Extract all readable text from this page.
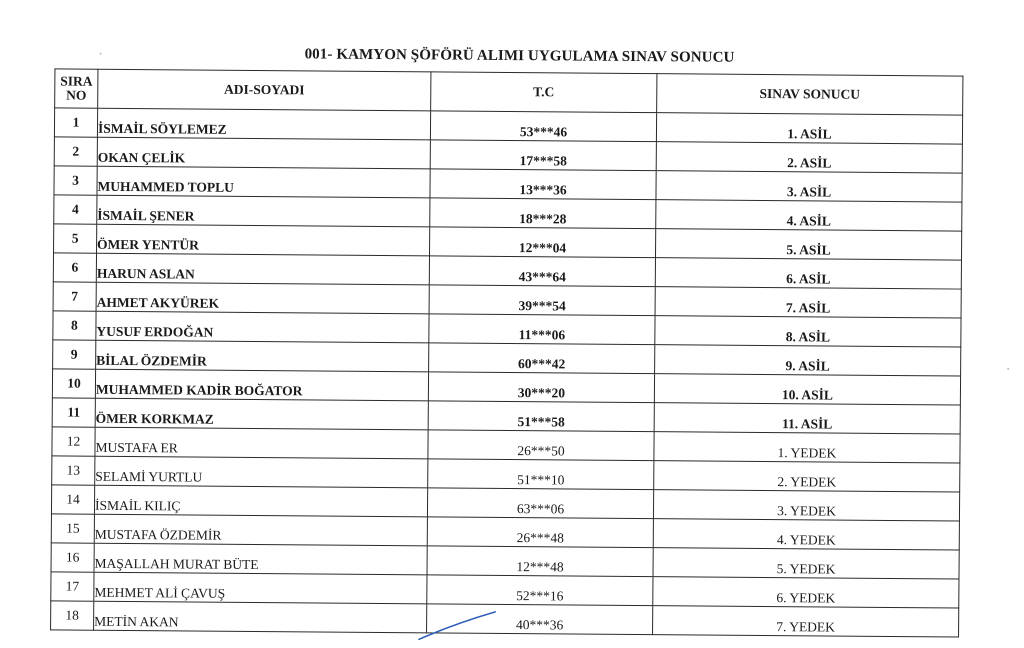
001- KAMYON ŞÖFÖRÜ ALIMI UYGULAMA SINAV SONUCU
SIRA
NO	ADI-SOYADI	T.C	SINAV SONUCU
1	İSMAİL SÖYLEMEZ	53***46	1. ASİL
2	OKAN ÇELİK	17***58	2. ASİL
3	MUHAMMED TOPLU	13***36	3. ASİL
4	İSMAİL ŞENER	18***28	4. ASİL
5	ÖMER YENTÜR	12***04	5. ASİL
6	HARUN ASLAN	43***64	6. ASİL
7	AHMET AKYÜREK	39***54	7. ASİL
8	YUSUF ERDOĞAN	11***06	8. ASİL
9	BİLAL ÖZDEMİR	60***42	9. ASİL
10	MUHAMMED KADİR BOĞATOR	30***20	10. ASİL
11	ÖMER KORKMAZ	51***58	11. ASİL
12	MUSTAFA ER	26***50	1. YEDEK
13	SELAMİ YURTLU	51***10	2. YEDEK
14	İSMAİL KILIÇ	63***06	3. YEDEK
15	MUSTAFA ÖZDEMİR	26***48	4. YEDEK
16	MAŞALLAH MURAT BÜTE	12***48	5. YEDEK
17	MEHMET ALİ ÇAVUŞ	52***16	6. YEDEK
18	METİN AKAN	40***36	7. YEDEK
